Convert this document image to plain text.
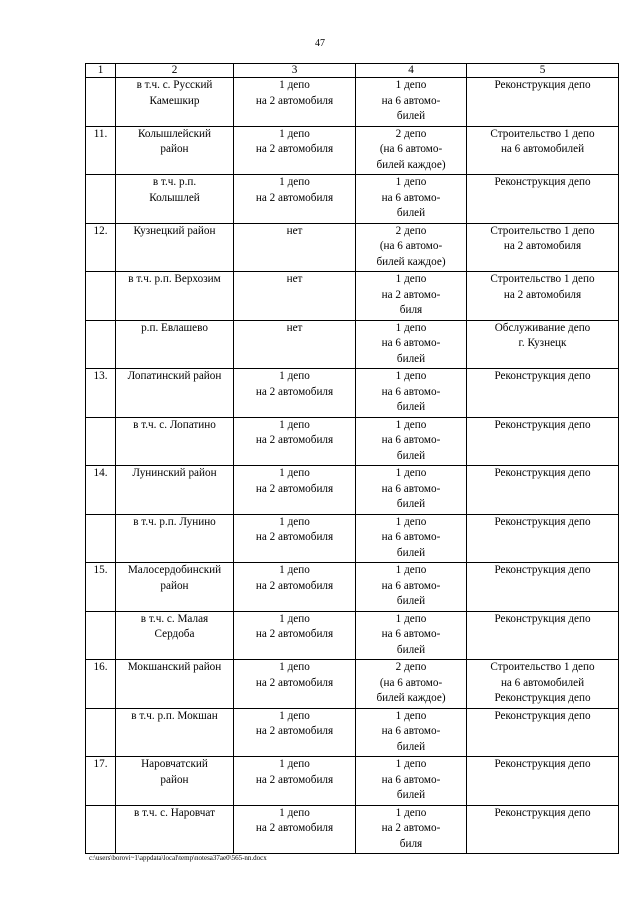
47
1	2	3	4	5
	в т.ч. с. Русский
Камешкир	1 депо
на 2 автомобиля	1 депо
на 6 автомо-
билей	Реконструкция депо
11.	Колышлейский
район	1 депо
на 2 автомобиля	2 депо
(на 6 автомо-
билей каждое)	Строительство 1 депо
на 6 автомобилей
	в т.ч. р.п.
Колышлей	1 депо
на 2 автомобиля	1 депо
на 6 автомо-
билей	Реконструкция депо
12.	Кузнецкий район	нет	2 депо
(на 6 автомо-
билей каждое)	Строительство 1 депо
на 2 автомобиля
	в т.ч. р.п. Верхозим	нет	1 депо
на 2 автомо-
биля	Строительство 1 депо
на 2 автомобиля
	р.п. Евлашево	нет	1 депо
на 6 автомо-
билей	Обслуживание депо
г. Кузнецк
13.	Лопатинский район	1 депо
на 2 автомобиля	1 депо
на 6 автомо-
билей	Реконструкция депо
	в т.ч. с. Лопатино	1 депо
на 2 автомобиля	1 депо
на 6 автомо-
билей	Реконструкция депо
14.	Лунинский район	1 депо
на 2 автомобиля	1 депо
на 6 автомо-
билей	Реконструкция депо
	в т.ч. р.п. Лунино	1 депо
на 2 автомобиля	1 депо
на 6 автомо-
билей	Реконструкция депо
15.	Малосердобинский
район	1 депо
на 2 автомобиля	1 депо
на 6 автомо-
билей	Реконструкция депо
	в т.ч. с. Малая
Сердоба	1 депо
на 2 автомобиля	1 депо
на 6 автомо-
билей	Реконструкция депо
16.	Мокшанский район	1 депо
на 2 автомобиля	2 депо
(на 6 автомо-
билей каждое)	Строительство 1 депо
на 6 автомобилей
Реконструкция депо
	в т.ч. р.п. Мокшан	1 депо
на 2 автомобиля	1 депо
на 6 автомо-
билей	Реконструкция депо
17.	Наровчатский
район	1 депо
на 2 автомобиля	1 депо
на 6 автомо-
билей	Реконструкция депо
	в т.ч. с. Наровчат	1 депо
на 2 автомобиля	1 депо
на 2 автомо-
биля	Реконструкция депо
c:\users\borovi~1\appdata\local\temp\notesa37ae0\565-nn.docx
